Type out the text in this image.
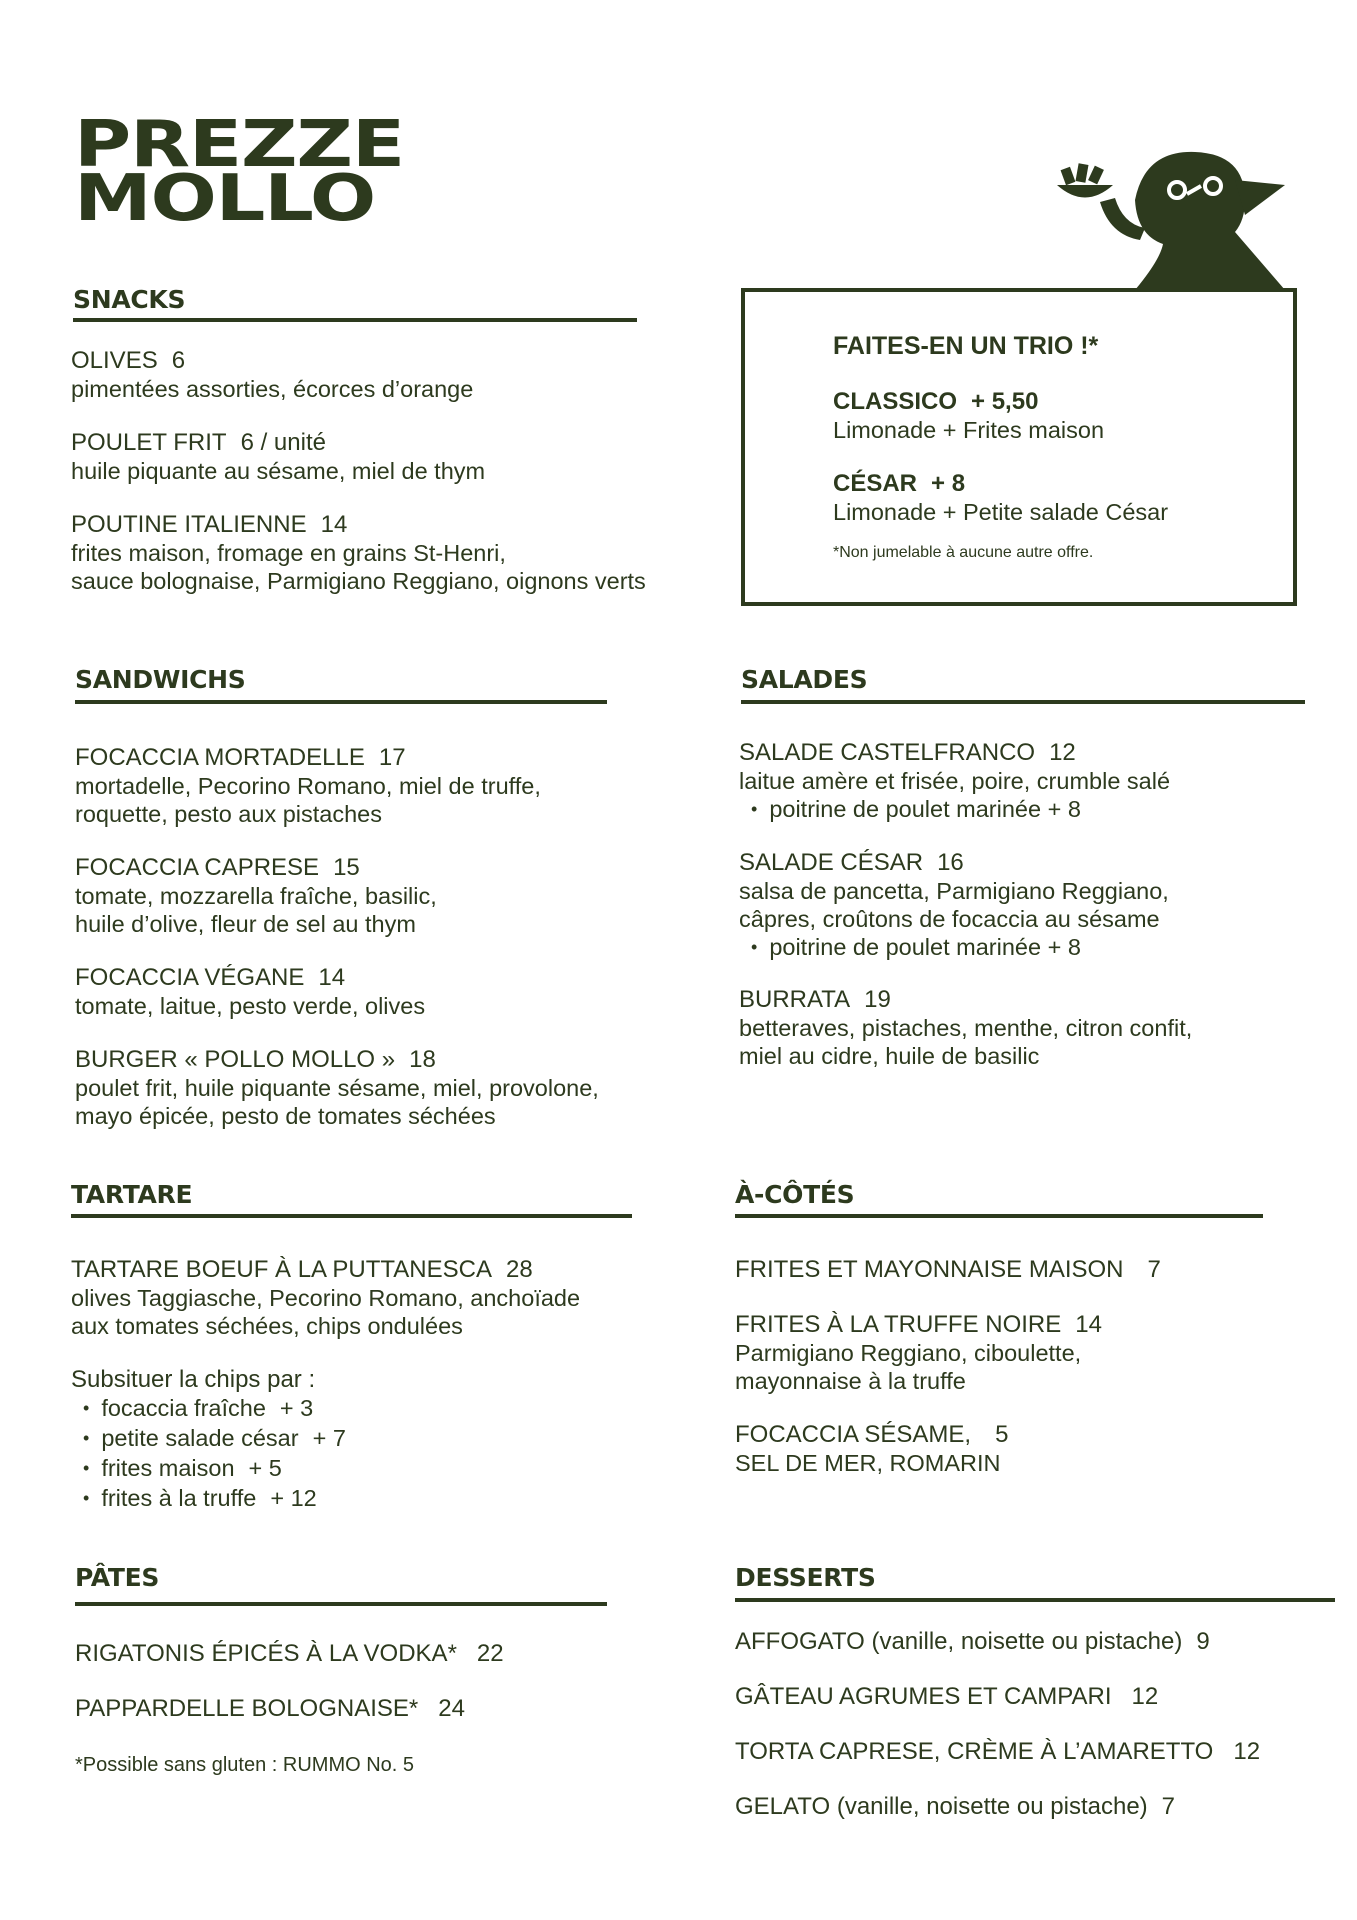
PREZZE
MOLLO
SNACKS
OLIVES 6
pimentées assorties, écorces d’orange
POULET FRIT 6 / unité
huile piquante au sésame, miel de thym
POUTINE ITALIENNE 14
frites maison, fromage en grains St-Henri,
sauce bolognaise, Parmigiano Reggiano, oignons verts
FAITES-EN UN TRIO !*
CLASSICO + 5,50
Limonade + Frites maison
CÉSAR + 8
Limonade + Petite salade César
*Non jumelable à aucune autre offre.
SANDWICHS
FOCACCIA MORTADELLE 17
mortadelle, Pecorino Romano, miel de truffe,
roquette, pesto aux pistaches
FOCACCIA CAPRESE 15
tomate, mozzarella fraîche, basilic,
huile d’olive, fleur de sel au thym
FOCACCIA VÉGANE 14
tomate, laitue, pesto verde, olives
BURGER « POLLO MOLLO » 18
poulet frit, huile piquante sésame, miel, provolone,
mayo épicée, pesto de tomates séchées
SALADES
SALADE CASTELFRANCO 12
laitue amère et frisée, poire, crumble salé
• poitrine de poulet marinée + 8
SALADE CÉSAR 16
salsa de pancetta, Parmigiano Reggiano,
câpres, croûtons de focaccia au sésame
• poitrine de poulet marinée + 8
BURRATA 19
betteraves, pistaches, menthe, citron confit,
miel au cidre, huile de basilic
TARTARE
TARTARE BOEUF À LA PUTTANESCA 28
olives Taggiasche, Pecorino Romano, anchoïade
aux tomates séchées, chips ondulées
Subsituer la chips par :
• focaccia fraîche + 3
• petite salade césar + 7
• frites maison + 5
• frites à la truffe + 12
À-CÔTÉS
FRITES ET MAYONNAISE MAISON 7
FRITES À LA TRUFFE NOIRE 14
Parmigiano Reggiano, ciboulette,
mayonnaise à la truffe
FOCACCIA SÉSAME, 5
SEL DE MER, ROMARIN
PÂTES
RIGATONIS ÉPICÉS À LA VODKA* 22
PAPPARDELLE BOLOGNAISE* 24
*Possible sans gluten : RUMMO No. 5
DESSERTS
AFFOGATO (vanille, noisette ou pistache) 9
GÂTEAU AGRUMES ET CAMPARI 12
TORTA CAPRESE, CRÈME À L’AMARETTO 12
GELATO (vanille, noisette ou pistache) 7
